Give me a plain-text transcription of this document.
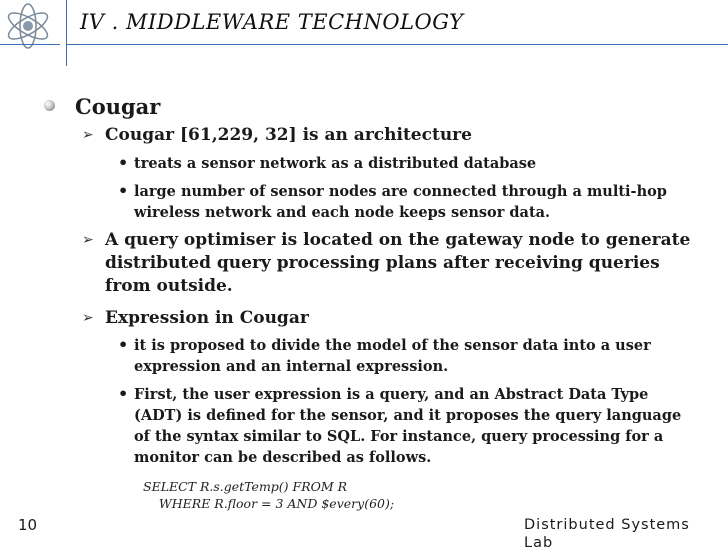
IV . MIDDLEWARE TECHNOLOGY
Cougar
➢ Cougar [61,229, 32] is an architecture
• treats a sensor network as a distributed database
• large number of sensor nodes are connected through a multi-hop wireless network and each node keeps sensor data.
➢ A query optimiser is located on the gateway node to generate distributed query processing plans after receiving queries from outside.
➢ Expression in Cougar
• it is proposed to divide the model of the sensor data into a user expression and an internal expression.
• First, the user expression is a query, and an Abstract Data Type (ADT) is defined for the sensor, and it proposes the query language of the syntax similar to SQL. For instance, query processing for a monitor can be described as follows.
SELECT R.s.getTemp() FROM R
WHERE R.floor = 3 AND $every(60);
10	Distributed Systems Lab
